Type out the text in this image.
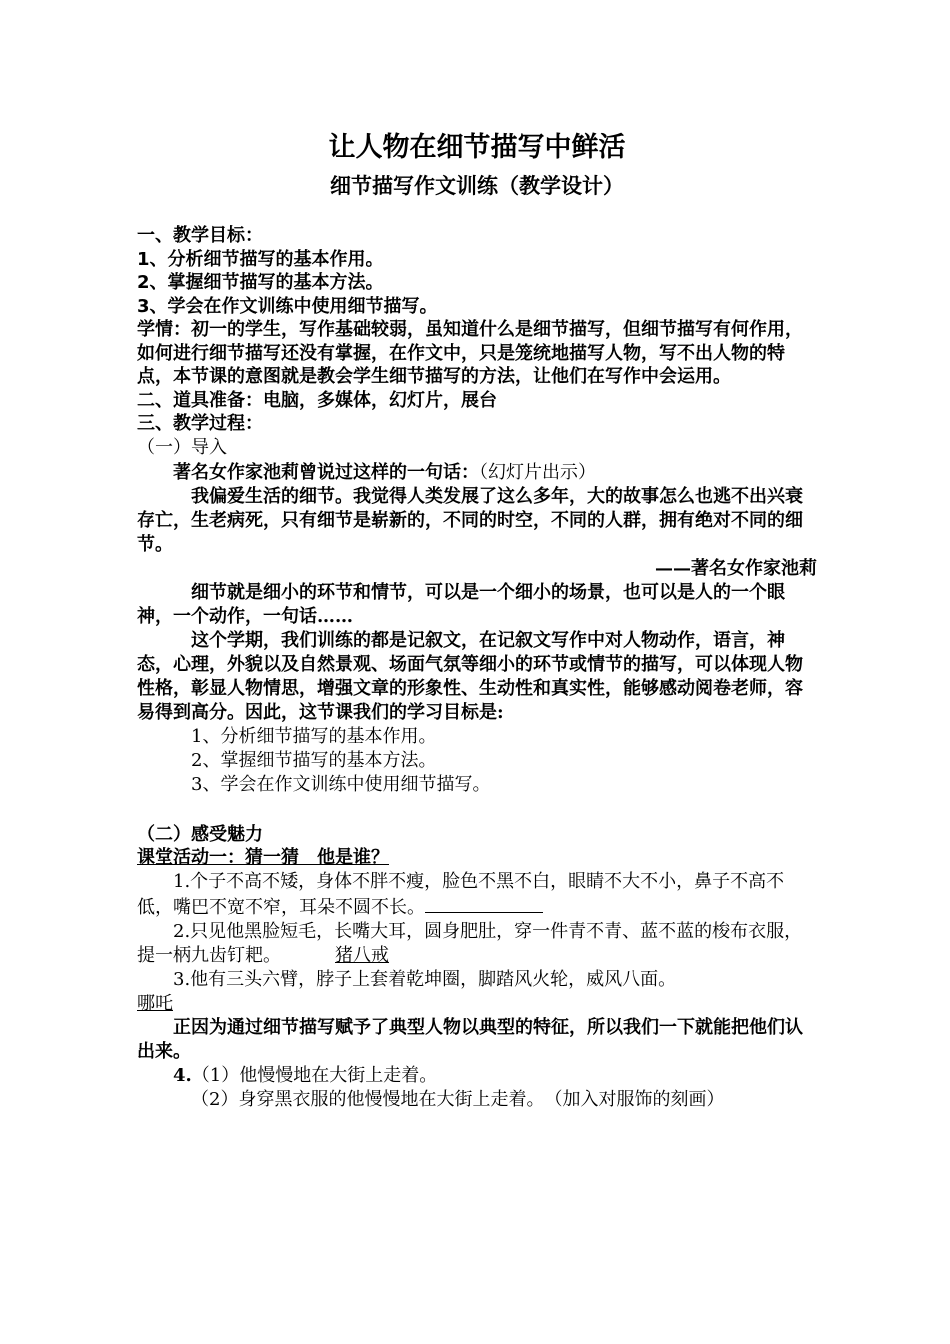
让人物在细节描写中鲜活
细节描写作文训练（教学设计）

一、教学目标：

1、分析细节描写的基本作用。

2、掌握细节描写的基本方法。

3、学会在作文训练中使用细节描写。

学情：初一的学生，写作基础较弱，虽知道什么是细节描写，但细节描写有何作用，如何进行细节描写还没有掌握，在作文中，只是笼统地描写人物，写不出人物的特点，本节课的意图就是教会学生细节描写的方法，让他们在写作中会运用。

二、道具准备：电脑，多媒体，幻灯片，展台

三、教学过程：

（一）导入

著名女作家池莉曾说过这样的一句话：（幻灯片出示）

我偏爱生活的细节。我觉得人类发展了这么多年，大的故事怎么也逃不出兴衰存亡，生老病死，只有细节是崭新的，不同的时空，不同的人群，拥有绝对不同的细节。

——著名女作家池莉

细节就是细小的环节和情节，可以是一个细小的场景，也可以是人的一个眼神，一个动作，一句话……

这个学期，我们训练的都是记叙文，在记叙文写作中对人物动作，语言，神态，心理，外貌以及自然景观、场面气氛等细小的环节或情节的描写，可以体现人物性格，彰显人物情思，增强文章的形象性、生动性和真实性，能够感动阅卷老师，容易得到高分。因此，这节课我们的学习目标是:

1、分析细节描写的基本作用。

2、掌握细节描写的基本方法。

3、学会在作文训练中使用细节描写。

（二）感受魅力

课堂活动一：猜一猜　他是谁？

1.个子不高不矮，身体不胖不瘦，脸色不黑不白，眼睛不大不小，鼻子不高不低，嘴巴不宽不窄，耳朵不圆不长。

2.只见他黑脸短毛，长嘴大耳，圆身肥肚，穿一件青不青、蓝不蓝的梭布衣服，提一柄九齿钉耙。	猪八戒

3.他有三头六臂，脖子上套着乾坤圈，脚踏风火轮，威风八面。

哪吒

正因为通过细节描写赋予了典型人物以典型的特征，所以我们一下就能把他们认出来。

4.（1）他慢慢地在大街上走着。

（2）身穿黑衣服的他慢慢地在大街上走着。　（加入对服饰的刻画）
